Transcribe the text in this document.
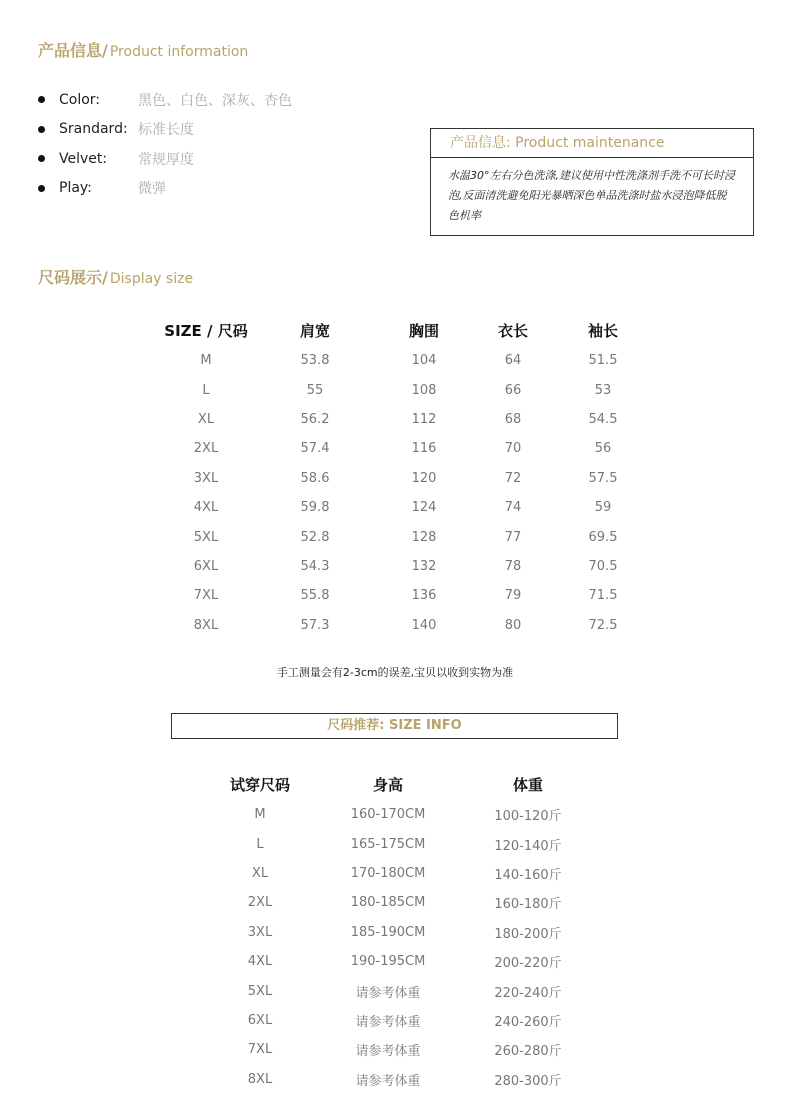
产品信息/ Product information
Color:	黑色、白色、深灰、杏色
Srandard: 标准长度
Velvet:	常规厚度
Play:	微弹
产品信息: Product maintenance
水温30°左右分色洗涤,建议使用中性洗涤剂手洗不可长时浸泡,反面清洗避免阳光暴晒深色单品洗涤时盐水浸泡降低脱色机率
尺码展示/ Display size
SIZE / 尺码	肩宽	胸围	衣长	袖长
M	53.8	104	64	51.5
L	55	108	66	53
XL	56.2	112	68	54.5
2XL	57.4	116	70	56
3XL	58.6	120	72	57.5
4XL	59.8	124	74	59
5XL	52.8	128	77	69.5
6XL	54.3	132	78	70.5
7XL	55.8	136	79	71.5
8XL	57.3	140	80	72.5
手工测量会有2-3cm的误差,宝贝以收到实物为准
尺码推荐: SIZE INFO
试穿尺码	身高	体重
M	160-170CM	100-120斤
L	165-175CM	120-140斤
XL	170-180CM	140-160斤
2XL	180-185CM	160-180斤
3XL	185-190CM	180-200斤
4XL	190-195CM	200-220斤
5XL	请参考体重	220-240斤
6XL	请参考体重	240-260斤
7XL	请参考体重	260-280斤
8XL	请参考体重	280-300斤
